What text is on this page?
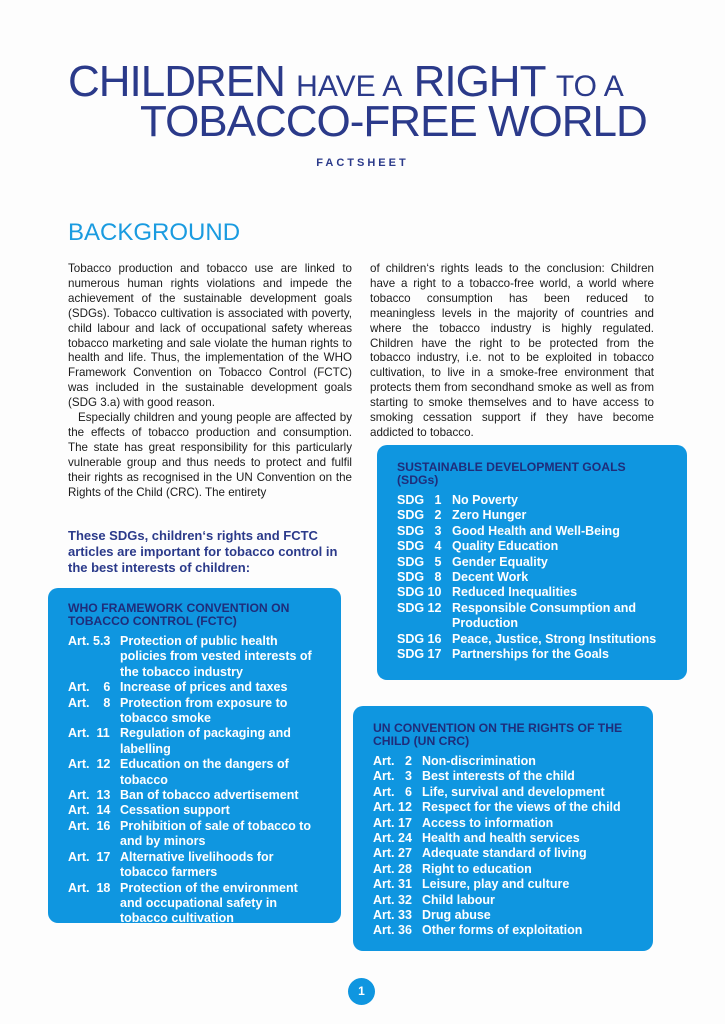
CHILDREN HAVE A RIGHT TO A
TOBACCO-FREE WORLD
FACTSHEET
BACKGROUND

Tobacco production and tobacco use are linked to numerous human rights violations and impede the achievement of the sustainable development goals (SDGs). Tobacco cultivation is associated with poverty, child labour and lack of occupational safety whereas tobacco marketing and sale violate the human rights to health and life. Thus, the implementation of the WHO Framework Convention on Tobacco Control (FCTC) was included in the sustainable development goals (SDG 3.a) with good reason.

Especially children and young people are affected by the effects of tobacco production and consumption. The state has great responsibility for this particularly vulnerable group and thus needs to protect and fulfil their rights as recognised in the UN Convention on the Rights of the Child (CRC). The entirety

of children‘s rights leads to the conclusion: Children have a right to a tobacco-free world, a world where tobacco consumption has been reduced to meaningless levels in the majority of countries and where the tobacco industry is highly regulated. Children have the right to be protected from the tobacco industry, i.e. not to be exploited in tobacco cultivation, to live in a smoke-free environment that protects them from secondhand smoke as well as from starting to smoke themselves and to have access to smoking cessation support if they have become addicted to tobacco.

These SDGs, children‘s rights and FCTC articles are important for tobacco control in the best interests of children:
SUSTAINABLE DEVELOPMENT GOALS (SDGs)
SDG   1 No Poverty
SDG   2 Zero Hunger
SDG   3 Good Health and Well-Being
SDG   4 Quality Education
SDG   5 Gender Equality
SDG   8 Decent Work
SDG 10 Reduced Inequalities
SDG 12 Responsible Consumption and Production
SDG 16 Peace, Justice, Strong Institutions
SDG 17 Partnerships for the Goals
WHO FRAMEWORK CONVENTION ON TOBACCO CONTROL (FCTC)
Art. 5.3 Protection of public health policies from vested interests of the tobacco industry
Art.    6 Increase of prices and taxes
Art.    8 Protection from exposure to tobacco smoke
Art.  11 Regulation of packaging and labelling
Art.  12 Education on the dangers of tobacco
Art.  13 Ban of tobacco advertisement
Art.  14 Cessation support
Art.  16 Prohibition of sale of tobacco to and by minors
Art.  17 Alternative livelihoods for tobacco farmers
Art.  18 Protection of the environment and occupational safety in tobacco cultivation
UN CONVENTION ON THE RIGHTS OF THE CHILD (UN CRC)
Art.   2 Non-discrimination
Art.   3 Best interests of the child
Art.   6 Life, survival and development
Art. 12 Respect for the views of the child
Art. 17 Access to information
Art. 24 Health and health services
Art. 27 Adequate standard of living
Art. 28 Right to education
Art. 31 Leisure, play and culture
Art. 32 Child labour
Art. 33 Drug abuse
Art. 36 Other forms of exploitation
1
